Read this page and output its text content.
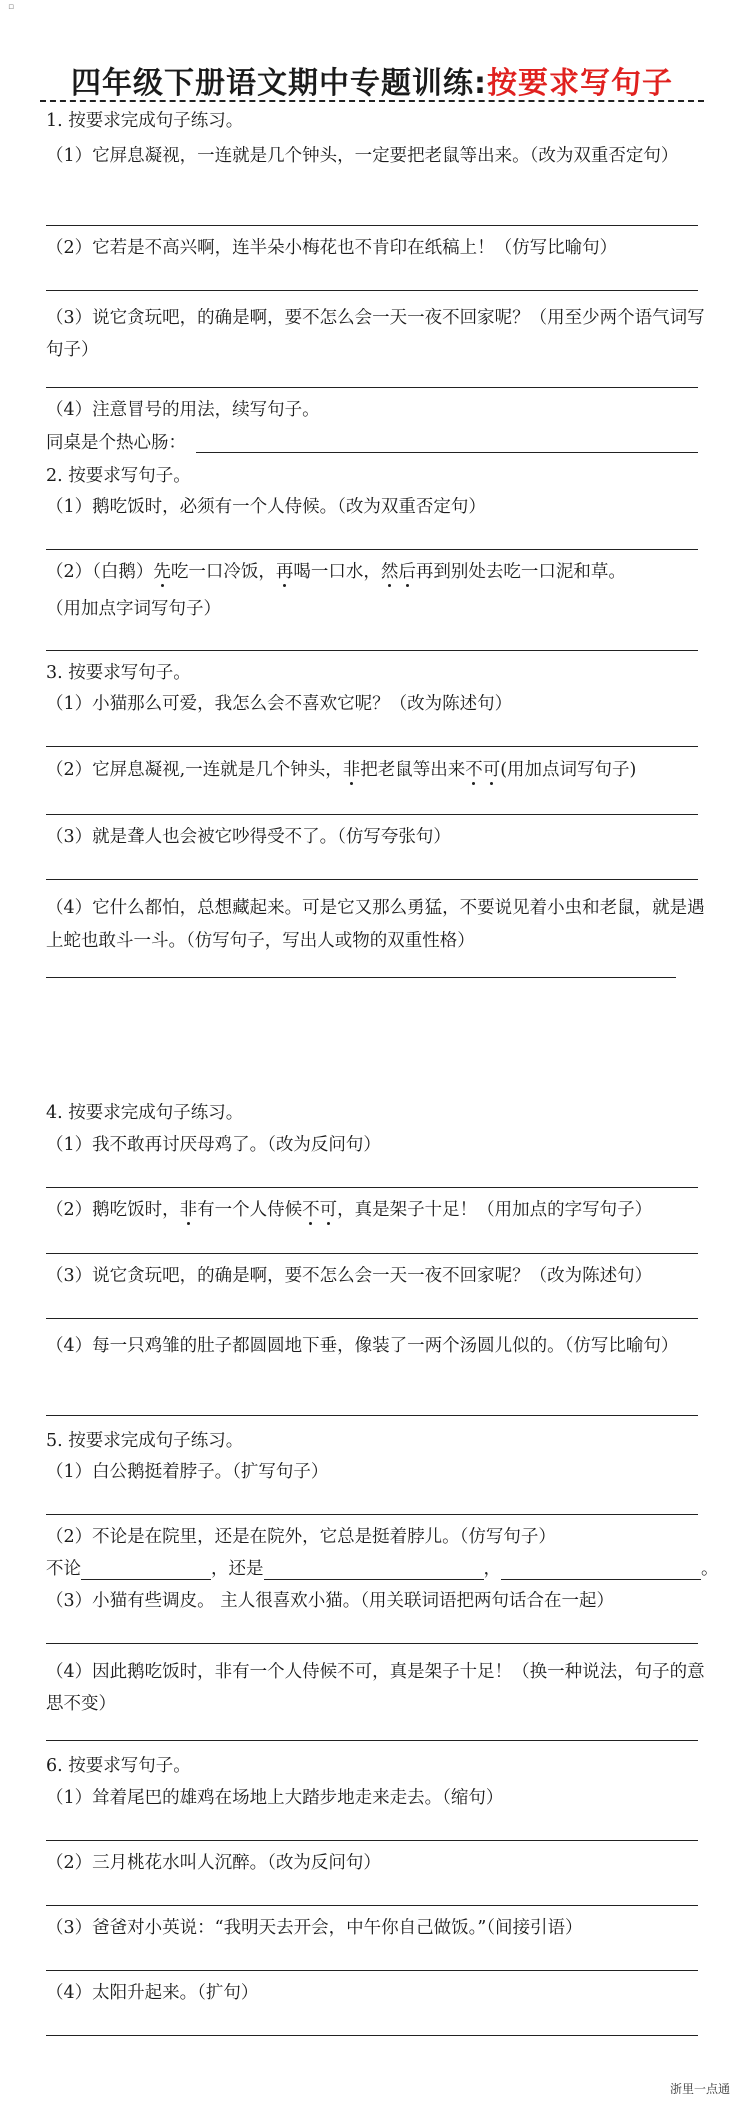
▫
四年级下册语文期中专题训练:按要求写句子
1. 按要求完成句子练习。
（1）它屏息凝视，一连就是几个钟头，一定要把老鼠等出来。（改为双重否定句）
（2）它若是不高兴啊，连半朵小梅花也不肯印在纸稿上！（仿写比喻句）
（3）说它贪玩吧，的确是啊，要不怎么会一天一夜不回家呢？（用至少两个语气词写句子）
（4）注意冒号的用法，续写句子。
同桌是个热心肠：
2. 按要求写句子。
（1）鹅吃饭时，必须有一个人侍候。（改为双重否定句）
（2）（白鹅）先吃一口冷饭，再喝一口水，然后再到别处去吃一口泥和草。
（用加点字词写句子）
3. 按要求写句子。
（1）小猫那么可爱，我怎么会不喜欢它呢？（改为陈述句）
（2）它屏息凝视,一连就是几个钟头，非把老鼠等出来不可(用加点词写句子)
（3）就是聋人也会被它吵得受不了。（仿写夸张句）
（4）它什么都怕，总想藏起来。可是它又那么勇猛，不要说见着小虫和老鼠，就是遇上蛇也敢斗一斗。（仿写句子，写出人或物的双重性格）
4. 按要求完成句子练习。
（1）我不敢再讨厌母鸡了。（改为反问句）
（2）鹅吃饭时，非有一个人侍候不可，真是架子十足！（用加点的字写句子）
（3）说它贪玩吧，的确是啊，要不怎么会一天一夜不回家呢？（改为陈述句）
（4）每一只鸡雏的肚子都圆圆地下垂，像装了一两个汤圆儿似的。（仿写比喻句）
5. 按要求完成句子练习。
（1）白公鹅挺着脖子。（扩写句子）
（2）不论是在院里，还是在院外，它总是挺着脖儿。（仿写句子）
不论	，还是	，	。
（3）小猫有些调皮。 主人很喜欢小猫。（用关联词语把两句话合在一起）
（4）因此鹅吃饭时，非有一个人侍候不可，真是架子十足！（换一种说法，句子的意思不变）
6. 按要求写句子。
（1）耸着尾巴的雄鸡在场地上大踏步地走来走去。（缩句）
（2）三月桃花水叫人沉醉。（改为反问句）
（3）爸爸对小英说：“我明天去开会，中午你自己做饭。”（间接引语）
（4）太阳升起来。（扩句）
浙里一点通
